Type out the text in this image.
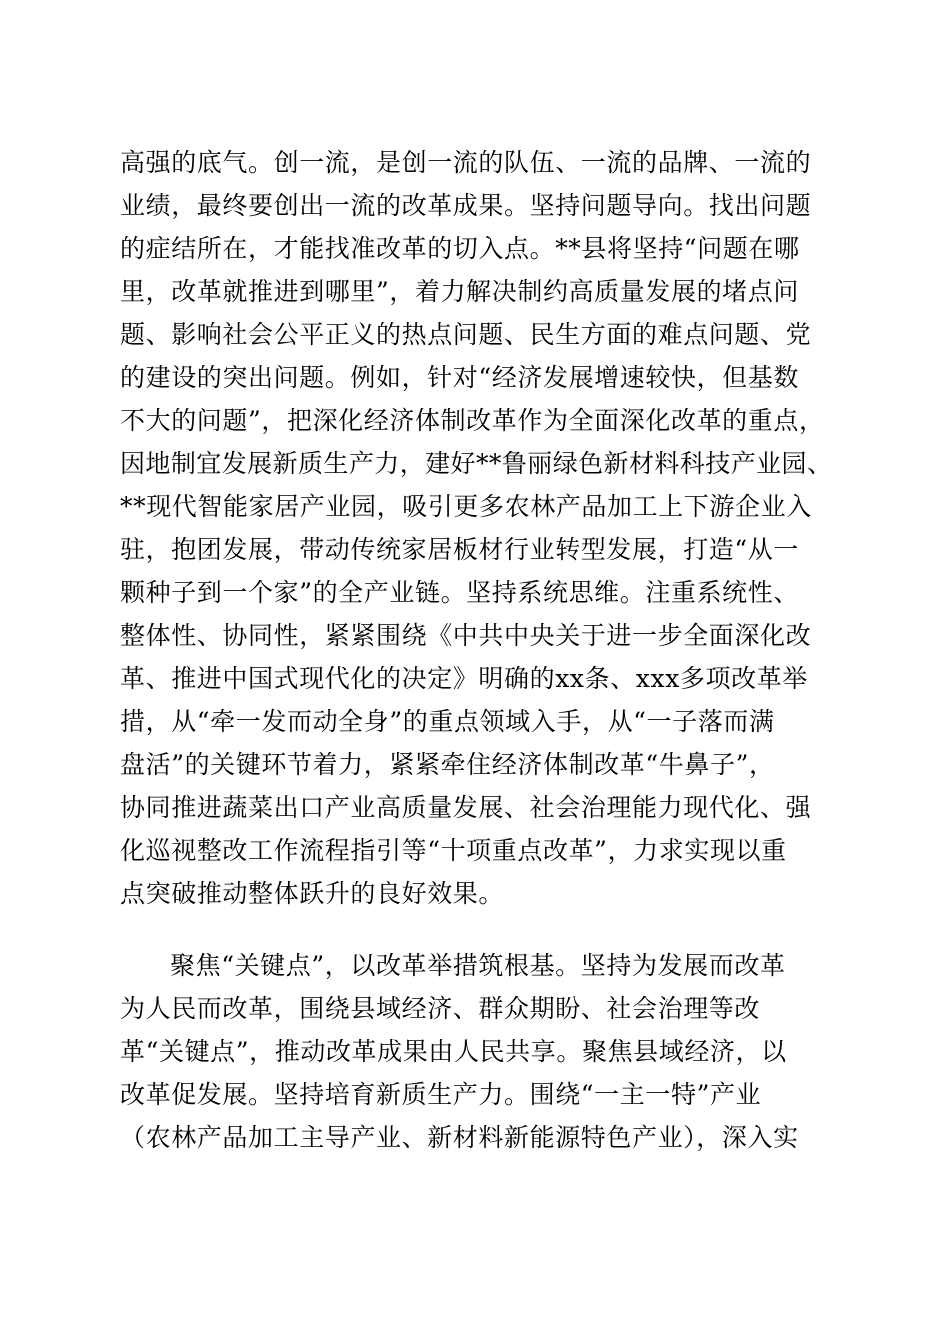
高强的底气。创一流，是创一流的队伍、一流的品牌、一流的
业绩，最终要创出一流的改革成果。坚持问题导向。找出问题
的症结所在，才能找准改革的切入点。**县将坚持“问题在哪
里，改革就推进到哪里”，着力解决制约高质量发展的堵点问
题、影响社会公平正义的热点问题、民生方面的难点问题、党
的建设的突出问题。例如，针对“经济发展增速较快，但基数
不大的问题”，把深化经济体制改革作为全面深化改革的重点，
因地制宜发展新质生产力，建好**鲁丽绿色新材料科技产业园、
**现代智能家居产业园，吸引更多农林产品加工上下游企业入
驻，抱团发展，带动传统家居板材行业转型发展，打造“从一
颗种子到一个家”的全产业链。坚持系统思维。注重系统性、
整体性、协同性，紧紧围绕《中共中央关于进一步全面深化改
革、推进中国式现代化的决定》明确的xx条、xxx多项改革举
措，从“牵一发而动全身”的重点领域入手，从“一子落而满
盘活”的关键环节着力，紧紧牵住经济体制改革“牛鼻子”，
协同推进蔬菜出口产业高质量发展、社会治理能力现代化、强
化巡视整改工作流程指引等“十项重点改革”，力求实现以重
点突破推动整体跃升的良好效果。
聚焦“关键点”，以改革举措筑根基。坚持为发展而改革
为人民而改革，围绕县域经济、群众期盼、社会治理等改
革“关键点”，推动改革成果由人民共享。聚焦县域经济，以
改革促发展。坚持培育新质生产力。围绕“一主一特”产业
（农林产品加工主导产业、新材料新能源特色产业），深入实
